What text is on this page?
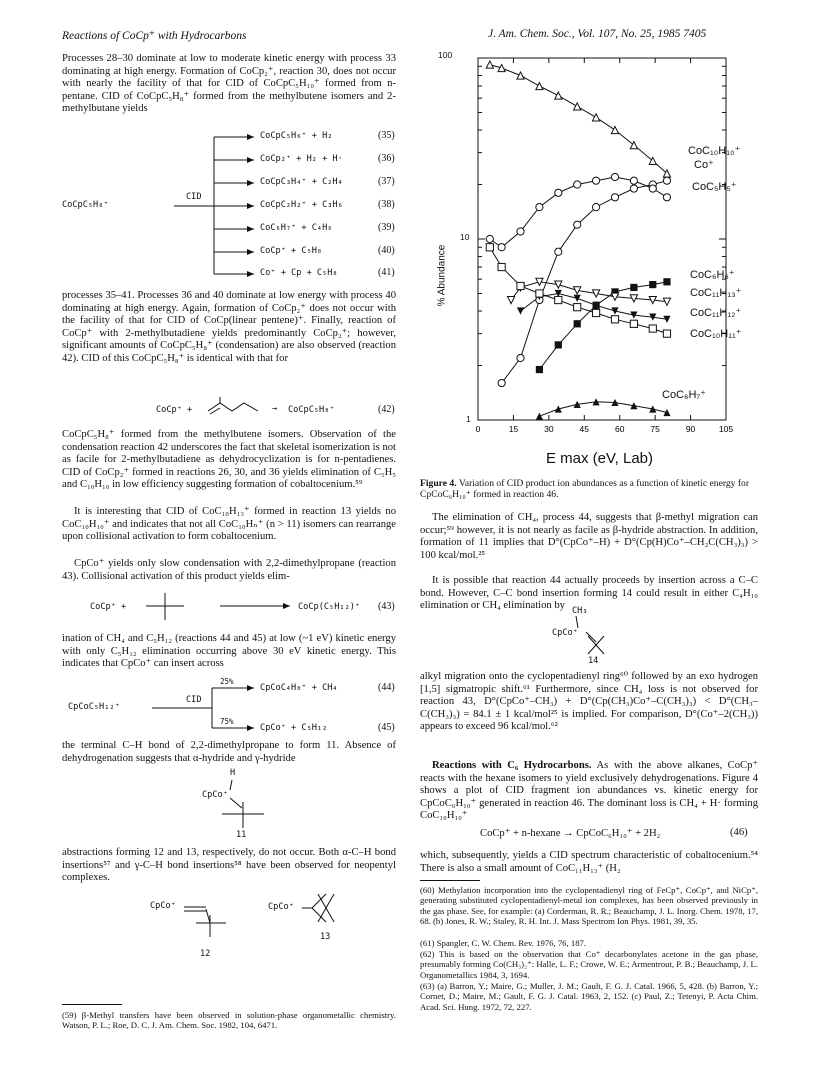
Reactions of CoCp⁺ with Hydrocarbons	J. Am. Chem. Soc., Vol. 107, No. 25, 1985 7405

Processes 28–30 dominate at low to moderate kinetic energy with process 33 dominating at high energy. Formation of CoCp₂⁺, reaction 30, does not occur with nearly the facility of that for CID of CoCpC₅H₁₀⁺ formed from n-pentane. CID of CoCpC₅H₈⁺ formed from the methylbutene isomers and 2-methylbutane yields

CoCpC₅H₈⁺
CID
CoCpC₅H₆⁺ + H₂	(35)
CoCp₂⁺ + H₂ + H·	(36)
CoCpC₃H₄⁺ + C₂H₄	(37)
CoCpC₂H₂⁺ + C₃H₆	(38)
CoC₆H₇⁺ + C₄H₆	(39)
CoCp⁺ + C₅H₈	(40)
Co⁺ + Cp + C₅H₈	(41)

processes 35–41. Processes 36 and 40 dominate at low energy with process 40 dominating at high energy. Again, formation of CoCp₂⁺ does not occur with the facility of that for CID of CoCp(linear pentene)⁺. Finally, reaction of CoCp⁺ with 2-methylbutadiene yields predominantly CoCp₂⁺; however, significant amounts of CoCpC₅H₈⁺ (condensation) are also observed (reaction 42). CID of this CoCpC₅H₈⁺ is identical with that for

CoCp⁺ +	→ CoCpC₅H₈⁺	(42)

CoCpC₅H₈⁺ formed from the methylbutene isomers. Observation of the condensation reaction 42 underscores the fact that skeletal isomerization is not as facile for 2-methylbutadiene as dehydrocyclization is for n-pentadienes. CID of CoCp₂⁺ formed in reactions 26, 30, and 36 yields elimination of C₅H₅ and C₁₀H₁₀ in low efficiency suggesting formation of cobaltocenium.⁵⁹

It is interesting that CID of CoC₁₀H₁₃⁺ formed in reaction 13 yields no CoC₁₀H₁₀⁺ and indicates that not all CoC₁₀Hₙ⁺ (n > 11) isomers can rearrange upon collisional activation to form cobaltocenium.

CpCo⁺ yields only slow condensation with 2,2-dimethylpropane (reaction 43). Collisional activation of this product yields elim-

CoCp⁺ +	CoCp(C₅H₁₂)⁺ (43)

ination of CH₄ and C₅H₁₂ (reactions 44 and 45) at low (~1 eV) kinetic energy with only C₅H₁₂ elimination occurring above 30 eV kinetic energy. This indicates that CpCo⁺ can insert across

CpCoC₅H₁₂⁺
CID
25%
CpCoC₄H₈⁺ + CH₄	(44)
75%
CpCo⁺ + C₅H₁₂	(45)

the terminal C–H bond of 2,2-dimethylpropane to form 11. Absence of dehydrogenation suggests that α-hydride and γ-hydride

H
CpCo⁺
11

abstractions forming 12 and 13, respectively, do not occur. Both α-C–H bond insertions⁵⁷ and γ-C–H bond insertions⁵⁸ have been observed for neopentyl complexes.

CpCo⁺
12
CpCo⁺
13

(59) β-Methyl transfers have been observed in solution-phase organometallic chemistry. Watson, P. L.; Roe, D. C. J. Am. Chem. Soc. 1982, 104, 6471.

0	15	30	45	60	75	90	105
100
10
1
% Abundance
E max (eV, Lab)
CoC₁₀H₁₀⁺
Co⁺
CoC₅H₅⁺
CoC₆H₆⁺
CoC₁₁H₁₃⁺
CoC₁₁H₁₂⁺
CoC₁₀H₁₁⁺
CoC₆H₇⁺

Figure 4. Variation of CID product ion abundances as a function of kinetic energy for CpCoC₆H₁₀⁺ formed in reaction 46.

The elimination of CH₄, process 44, suggests that β-methyl migration can occur;⁵⁹ however, it is not nearly as facile as β-hydride abstraction. In addition, formation of 11 implies that D°(CpCo⁺–H) + D°(Cp(H)Co⁺–CH₂C(CH₃)₃) > 100 kcal/mol.²⁵

It is possible that reaction 44 actually proceeds by insertion across a C–C bond. However, C–C bond insertion forming 14 could result in either C₄H₁₀ elimination or CH₄ elimination by CH₃
CpCo⁺
14

alkyl migration onto the cyclopentadienyl ring⁶⁰ followed by an exo hydrogen [1,5] sigmatropic shift.⁶¹ Furthermore, since CH₄ loss is not observed for reaction 43, D°(CpCo⁺–CH₃) + D°(Cp(CH₃)Co⁺–C(CH₃)₃) < D°(CH₃–C(CH₃)₃) = 84.1 ± 1 kcal/mol²⁵ is implied. For comparison, D°(Co⁺–2(CH₃)) appears to exceed 96 kcal/mol.⁶²

Reactions with C₆ Hydrocarbons. As with the above alkanes, CoCp⁺ reacts with the hexane isomers to yield exclusively dehydrogenations. Figure 4 shows a plot of CID fragment ion abundances vs. kinetic energy for CpCoC₆H₁₀⁺ generated in reaction 46. The dominant loss is CH₄ + H· forming CoC₁₀H₁₀⁺

CoCp⁺ + n-hexane → CpCoC₆H₁₀⁺ + 2H₂	(46)

which, subsequently, yields a CID spectrum characteristic of cobaltocenium.⁵⁴ There is also a small amount of CoC₁₁H₁₃⁺ (H₂

(60) Methylation incorporation into the cyclopentadienyl ring of FeCp⁺, CoCp⁺, and NiCp⁺, generating substituted cyclopentadienyl-metal ion complexes, has been observed previously in the gas phase. See, for example: (a) Corderman, R. R.; Beauchamp, J. L. Inorg. Chem. 1978, 17, 68. (b) Jones, R. W.; Staley, R. H. Int. J. Mass Spectrom Ion Phys. 1981, 39, 35.

(61) Spangler, C. W. Chem. Rev. 1976, 76, 187.

(62) This is based on the observation that Co⁺ decarbonylates acetone in the gas phase, presumably forming Co(CH₃)₂⁺: Halle, L. F.; Crowe, W. E.; Armentrout, P. B.; Beauchamp, J. L. Organometallics 1984, 3, 1694.

(63) (a) Barron, Y.; Maire, G.; Muller, J. M.; Gault, F. G. J. Catal. 1966, 5, 428. (b) Barron, Y.; Cornet, D.; Maire, M.; Gault, F. G. J. Catal. 1963, 2, 152. (c) Paul, Z.; Tetenyi, P. Acta Chim. Acad. Sci. Hung. 1972, 72, 227.
